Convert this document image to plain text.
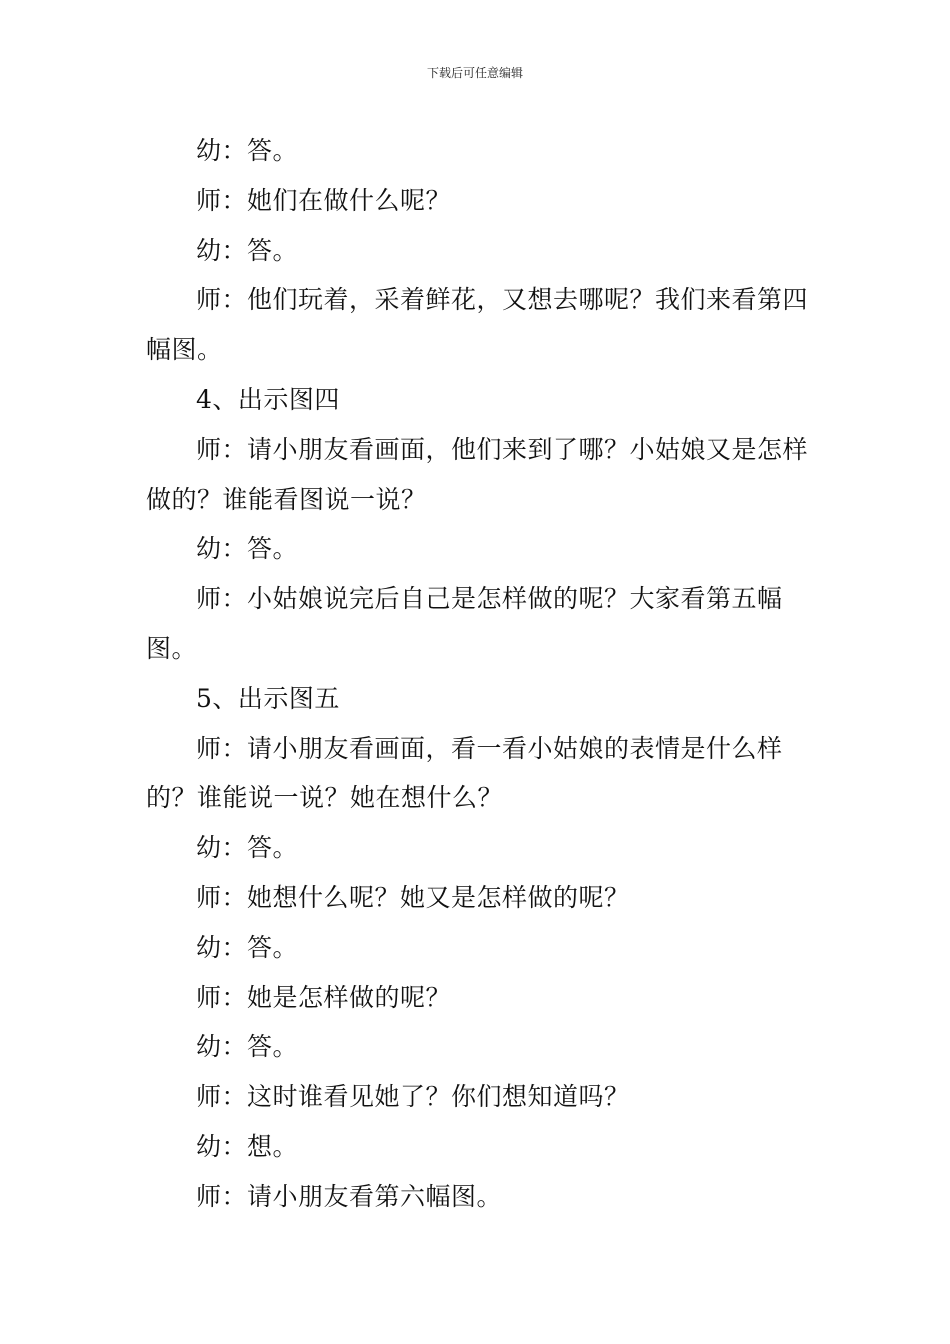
下载后可任意编辑

幼：答。

师：她们在做什么呢？

幼：答。

师：他们玩着，采着鲜花，又想去哪呢？我们来看第四幅图。

4、出示图四

师：请小朋友看画面，他们来到了哪？小姑娘又是怎样做的？谁能看图说一说？

幼：答。

师：小姑娘说完后自己是怎样做的呢？大家看第五幅图。

5、出示图五

师：请小朋友看画面，看一看小姑娘的表情是什么样的？谁能说一说？她在想什么？

幼：答。

师：她想什么呢？她又是怎样做的呢？

幼：答。

师：她是怎样做的呢？

幼：答。

师：这时谁看见她了？你们想知道吗？

幼：想。

师：请小朋友看第六幅图。
